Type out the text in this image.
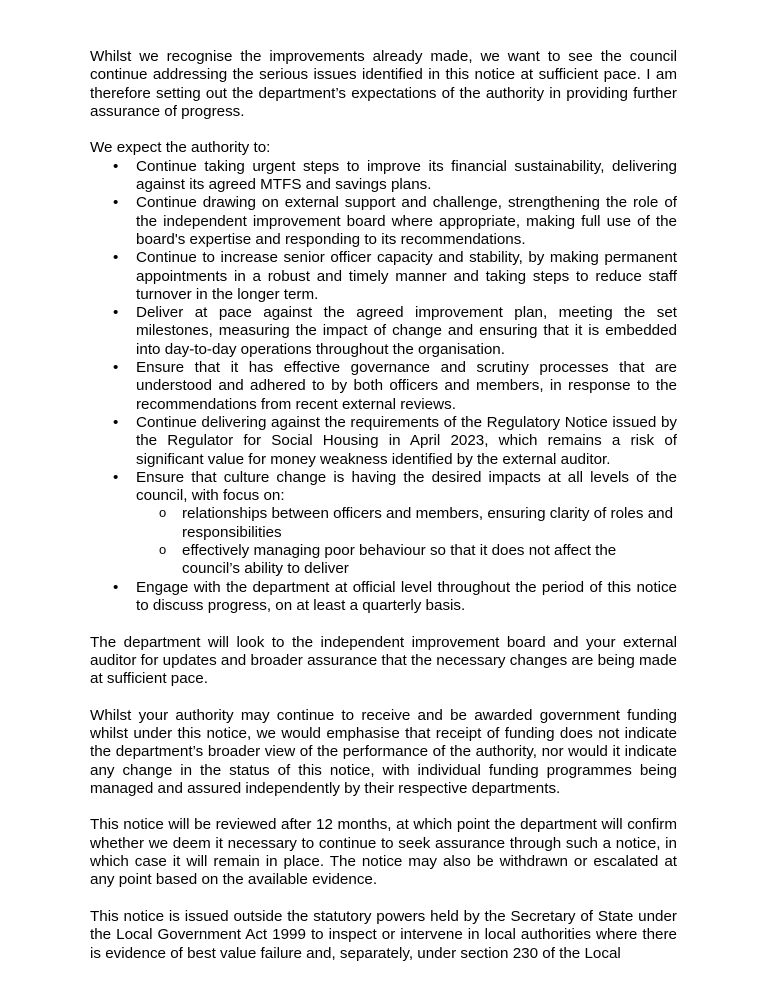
Whilst we recognise the improvements already made, we want to see the council continue addressing the serious issues identified in this notice at sufficient pace. I am therefore setting out the department’s expectations of the authority in providing further assurance of progress.

We expect the authority to:

• Continue taking urgent steps to improve its financial sustainability, delivering against its agreed MTFS and savings plans.
• Continue drawing on external support and challenge, strengthening the role of the independent improvement board where appropriate, making full use of the board's expertise and responding to its recommendations.
• Continue to increase senior officer capacity and stability, by making permanent appointments in a robust and timely manner and taking steps to reduce staff turnover in the longer term.
• Deliver at pace against the agreed improvement plan, meeting the set milestones, measuring the impact of change and ensuring that it is embedded into day-to-day operations throughout the organisation.
• Ensure that it has effective governance and scrutiny processes that are understood and adhered to by both officers and members, in response to the recommendations from recent external reviews.
• Continue delivering against the requirements of the Regulatory Notice issued by the Regulator for Social Housing in April 2023, which remains a risk of significant value for money weakness identified by the external auditor.
• Ensure that culture change is having the desired impacts at all levels of the council, with focus on:
o relationships between officers and members, ensuring clarity of roles and responsibilities
o effectively managing poor behaviour so that it does not affect the council’s ability to deliver
• Engage with the department at official level throughout the period of this notice to discuss progress, on at least a quarterly basis.

The department will look to the independent improvement board and your external auditor for updates and broader assurance that the necessary changes are being made at sufficient pace.

Whilst your authority may continue to receive and be awarded government funding whilst under this notice, we would emphasise that receipt of funding does not indicate the department’s broader view of the performance of the authority, nor would it indicate any change in the status of this notice, with individual funding programmes being managed and assured independently by their respective departments.

This notice will be reviewed after 12 months, at which point the department will confirm whether we deem it necessary to continue to seek assurance through such a notice, in which case it will remain in place. The notice may also be withdrawn or escalated at any point based on the available evidence.

This notice is issued outside the statutory powers held by the Secretary of State under the Local Government Act 1999 to inspect or intervene in local authorities where there is evidence of best value failure and, separately, under section 230 of the Local
